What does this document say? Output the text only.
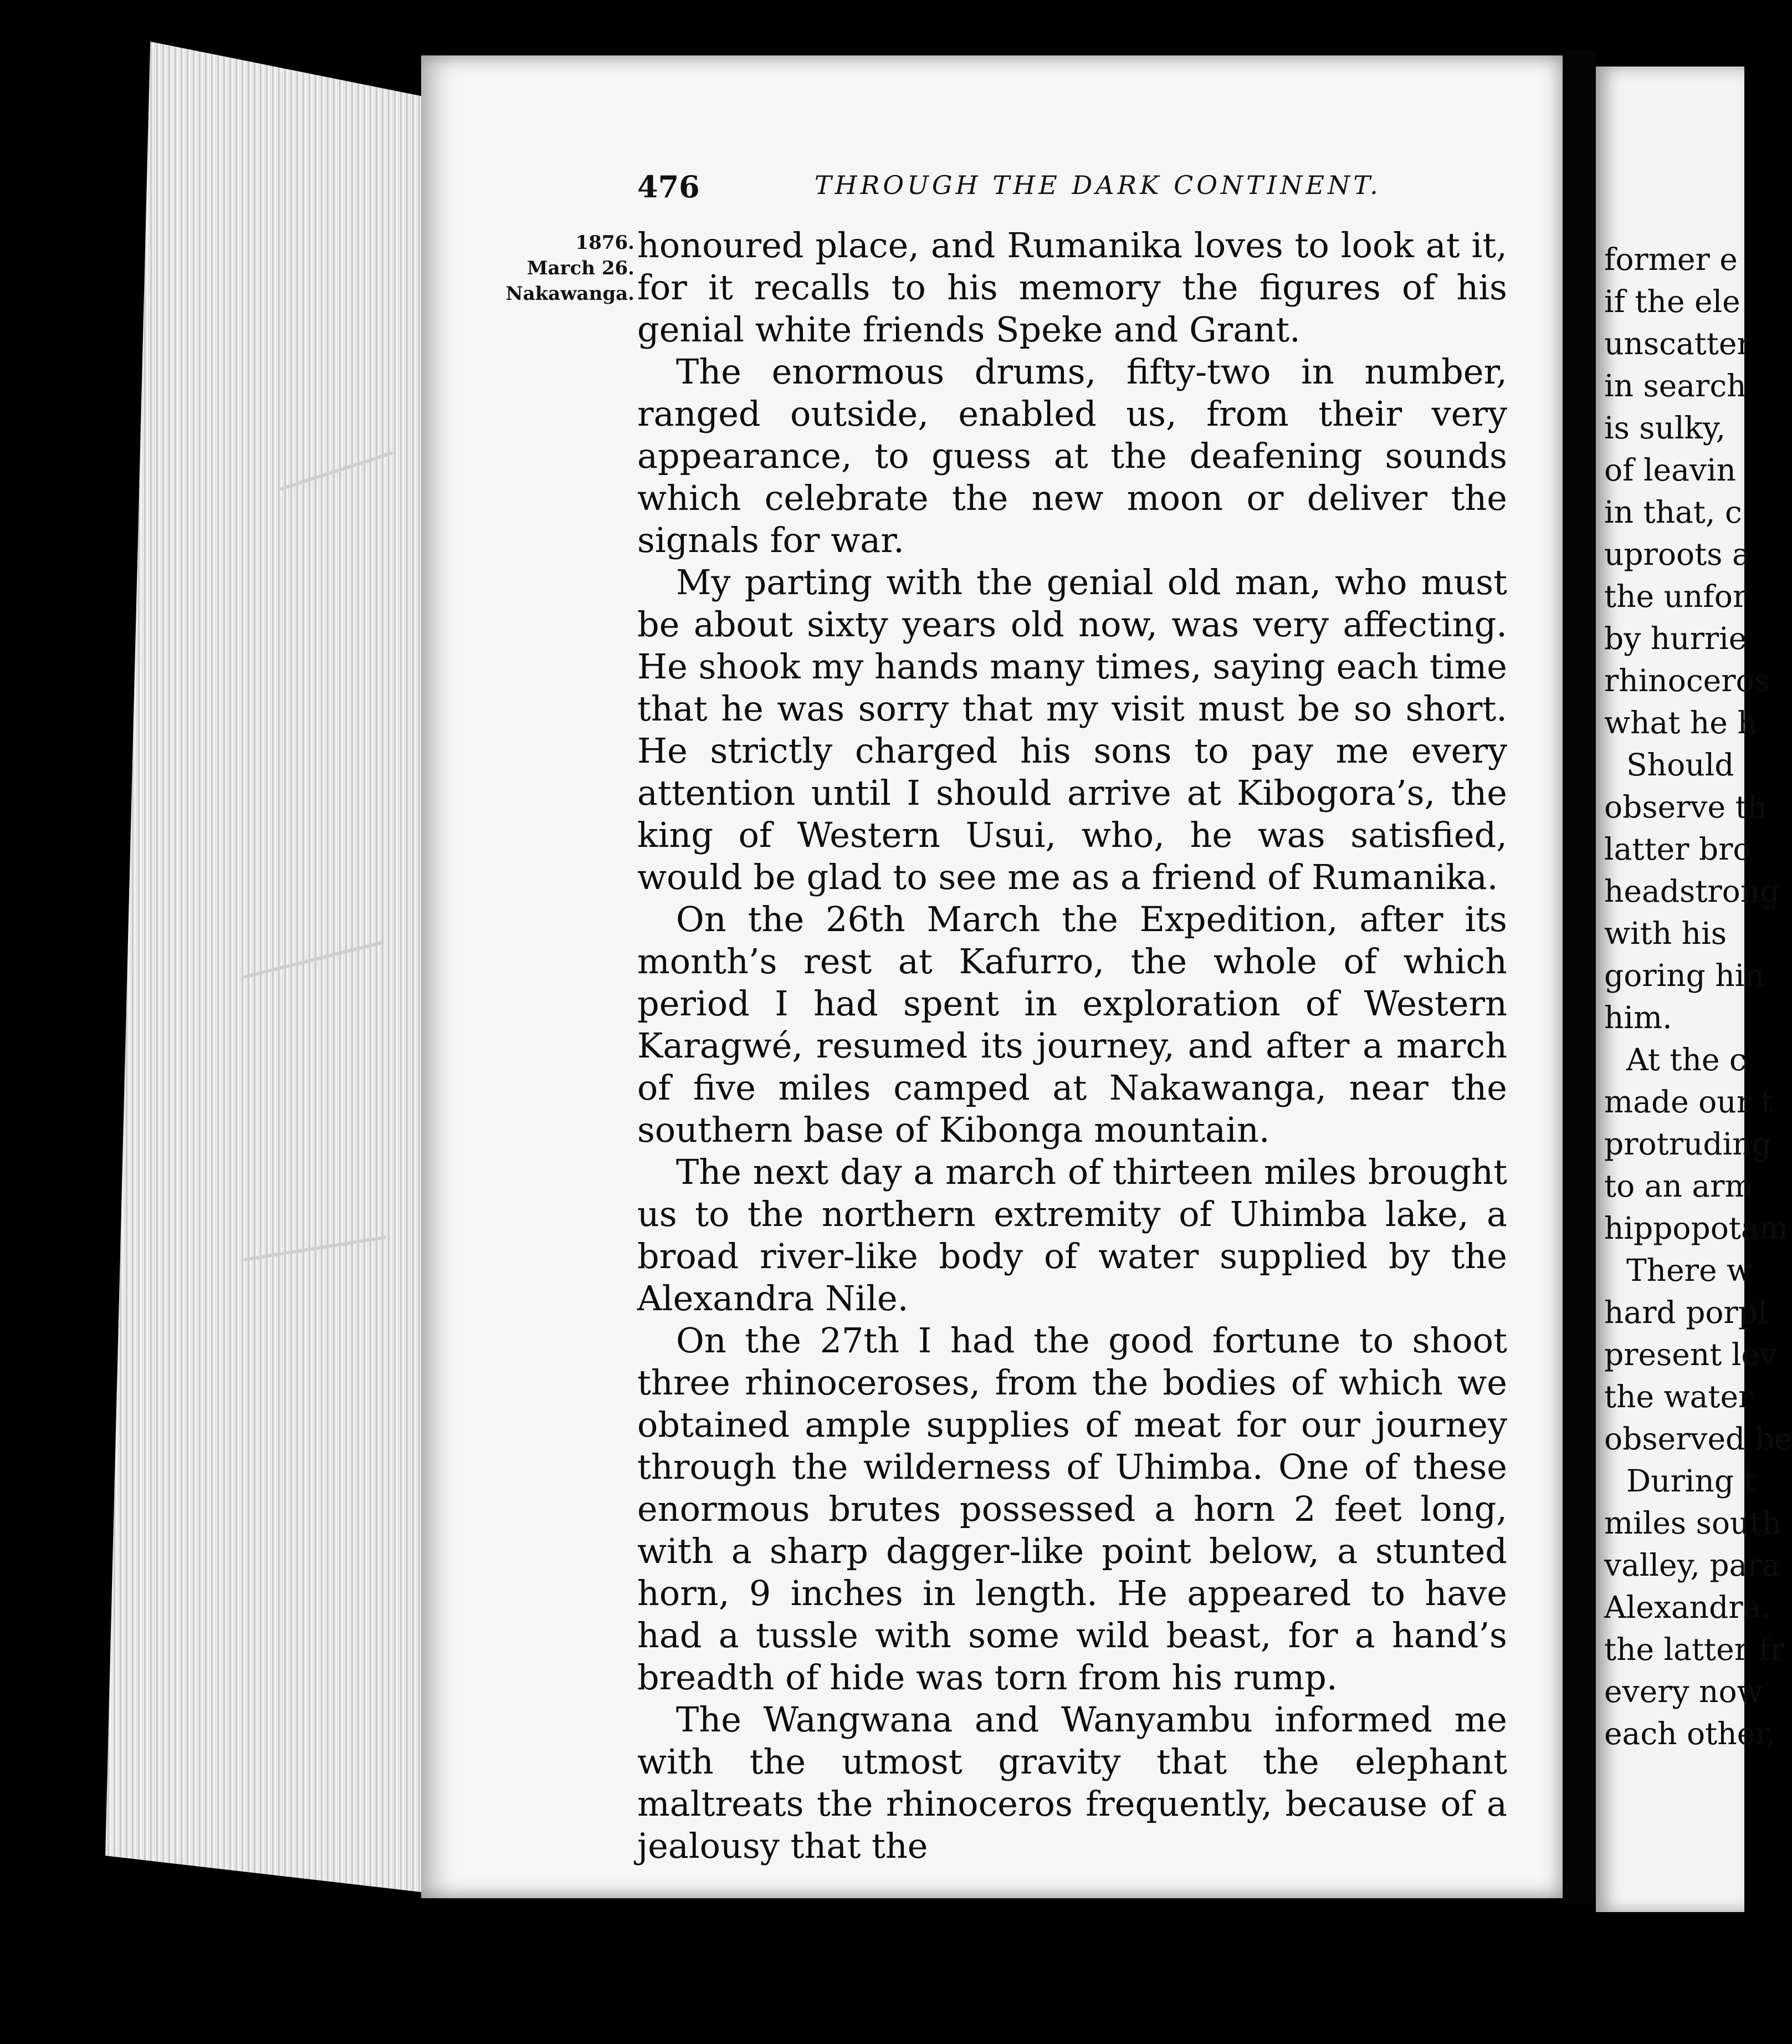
476	THROUGH THE DARK CONTINENT.
1876.
March 26.
Nakawanga.

honoured place, and Rumanika loves to look at it, for it recalls to his memory the figures of his genial white friends Speke and Grant.

The enormous drums, fifty-two in number, ranged outside, enabled us, from their very appearance, to guess at the deafening sounds which celebrate the new moon or deliver the signals for war.

My parting with the genial old man, who must be about sixty years old now, was very affecting. He shook my hands many times, saying each time that he was sorry that my visit must be so short. He strictly charged his sons to pay me every attention until I should arrive at Kibogora’s, the king of Western Usui, who, he was satisfied, would be glad to see me as a friend of Rumanika.

On the 26th March the Expedition, after its month’s rest at Kafurro, the whole of which period I had spent in exploration of Western Karagwé, resumed its journey, and after a march of five miles camped at Nakawanga, near the southern base of Kibonga mountain.

The next day a march of thirteen miles brought us to the northern extremity of Uhimba lake, a broad river-like body of water supplied by the Alexandra Nile.

On the 27th I had the good fortune to shoot three rhinoceroses, from the bodies of which we obtained ample supplies of meat for our journey through the wilderness of Uhimba. One of these enormous brutes possessed a horn 2 feet long, with a sharp dagger-like point below, a stunted horn, 9 inches in length. He appeared to have had a tussle with some wild beast, for a hand’s breadth of hide was torn from his rump.

The Wangwana and Wanyambu informed me with the utmost gravity that the elephant maltreats the rhinoceros frequently, because of a jealousy that the

former e
if the ele
unscatter
in search
is sulky,
of leavin
in that, c
uproots a
the unfor
by hurrie
rhinoceros
what he h
Should
observe th
latter bro
headstrong
with his
goring hin
him.
At the c
made our t
protruding
to an arm
hippopotam
There w
hard porpl
present lev
the water
observed be
During t
miles south
valley, para
Alexandra.
the latter fr
every now
each other,
